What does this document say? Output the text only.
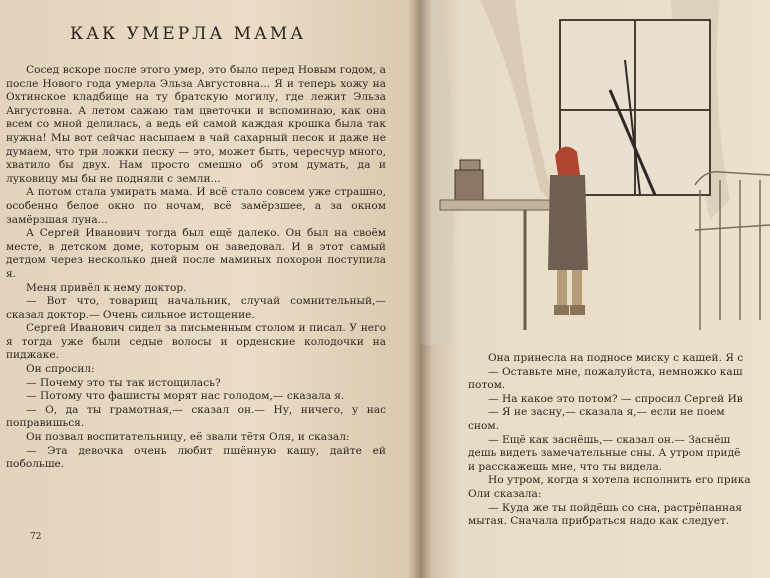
КАК УМЕРЛА МАМА

Сосед вскоре после этого умер, это было перед Новым годом, а после Нового года умерла Эльза Августовна... Я и теперь хожу на Охтинское кладбище на ту братскую могилу, где лежит Эльза Августовна. А летом сажаю там цветочки и вспоминаю, как она всем со мной делилась, а ведь ей самой каждая крошка была так нужна! Мы вот сейчас насыпаем в чай сахарный песок и даже не думаем, что три ложки песку — это, может быть, чересчур много, хватило бы двух. Нам просто смешно об этом думать, да и луковицу мы бы не подняли с земли...

А потом стала умирать мама. И всё стало совсем уже страшно, особенно белое окно по ночам, всё замёрзшее, а за окном замёрзшая луна...

А Сергей Иванович тогда был ещё далеко. Он был на своём месте, в детском доме, которым он заведовал. И в этот самый детдом через несколько дней после маминых похорон поступила я.

Меня привёл к нему доктор.

— Вот что, товарищ начальник, случай сомнительный,— сказал доктор.— Очень сильное истощение.

Сергей Иванович сидел за письменным столом и писал. У него я тогда уже были седые волосы и орденские колодочки на пиджаке.

Он спросил:

— Почему это ты так истощилась?

— Потому что фашисты морят нас голодом,— сказала я.

— О, да ты грамотная,— сказал он.— Ну, ничего, у нас поправишься.

Он позвал воспитательницу, её звали тётя Оля, и сказал:

— Эта девочка очень любит пшённую кашу, дайте ей побольше.

72

Она принесла на подносе миску с кашей. Я с

— Оставьте мне, пожалуйста, немножко каш

потом.

— На какое это потом? — спросил Сергей Ив

— Я не засну,— сказала я,— если не поем

сном.

— Ещё как заснёшь,— сказал он.— Заснёш

дешь видеть замечательные сны. А утром придё

и расскажешь мне, что ты видела.

Но утром, когда я хотела исполнить его прика

Оли сказала:

— Куда же ты пойдёшь со сна, растрёпанная

мытая. Сначала прибраться надо как следует.
